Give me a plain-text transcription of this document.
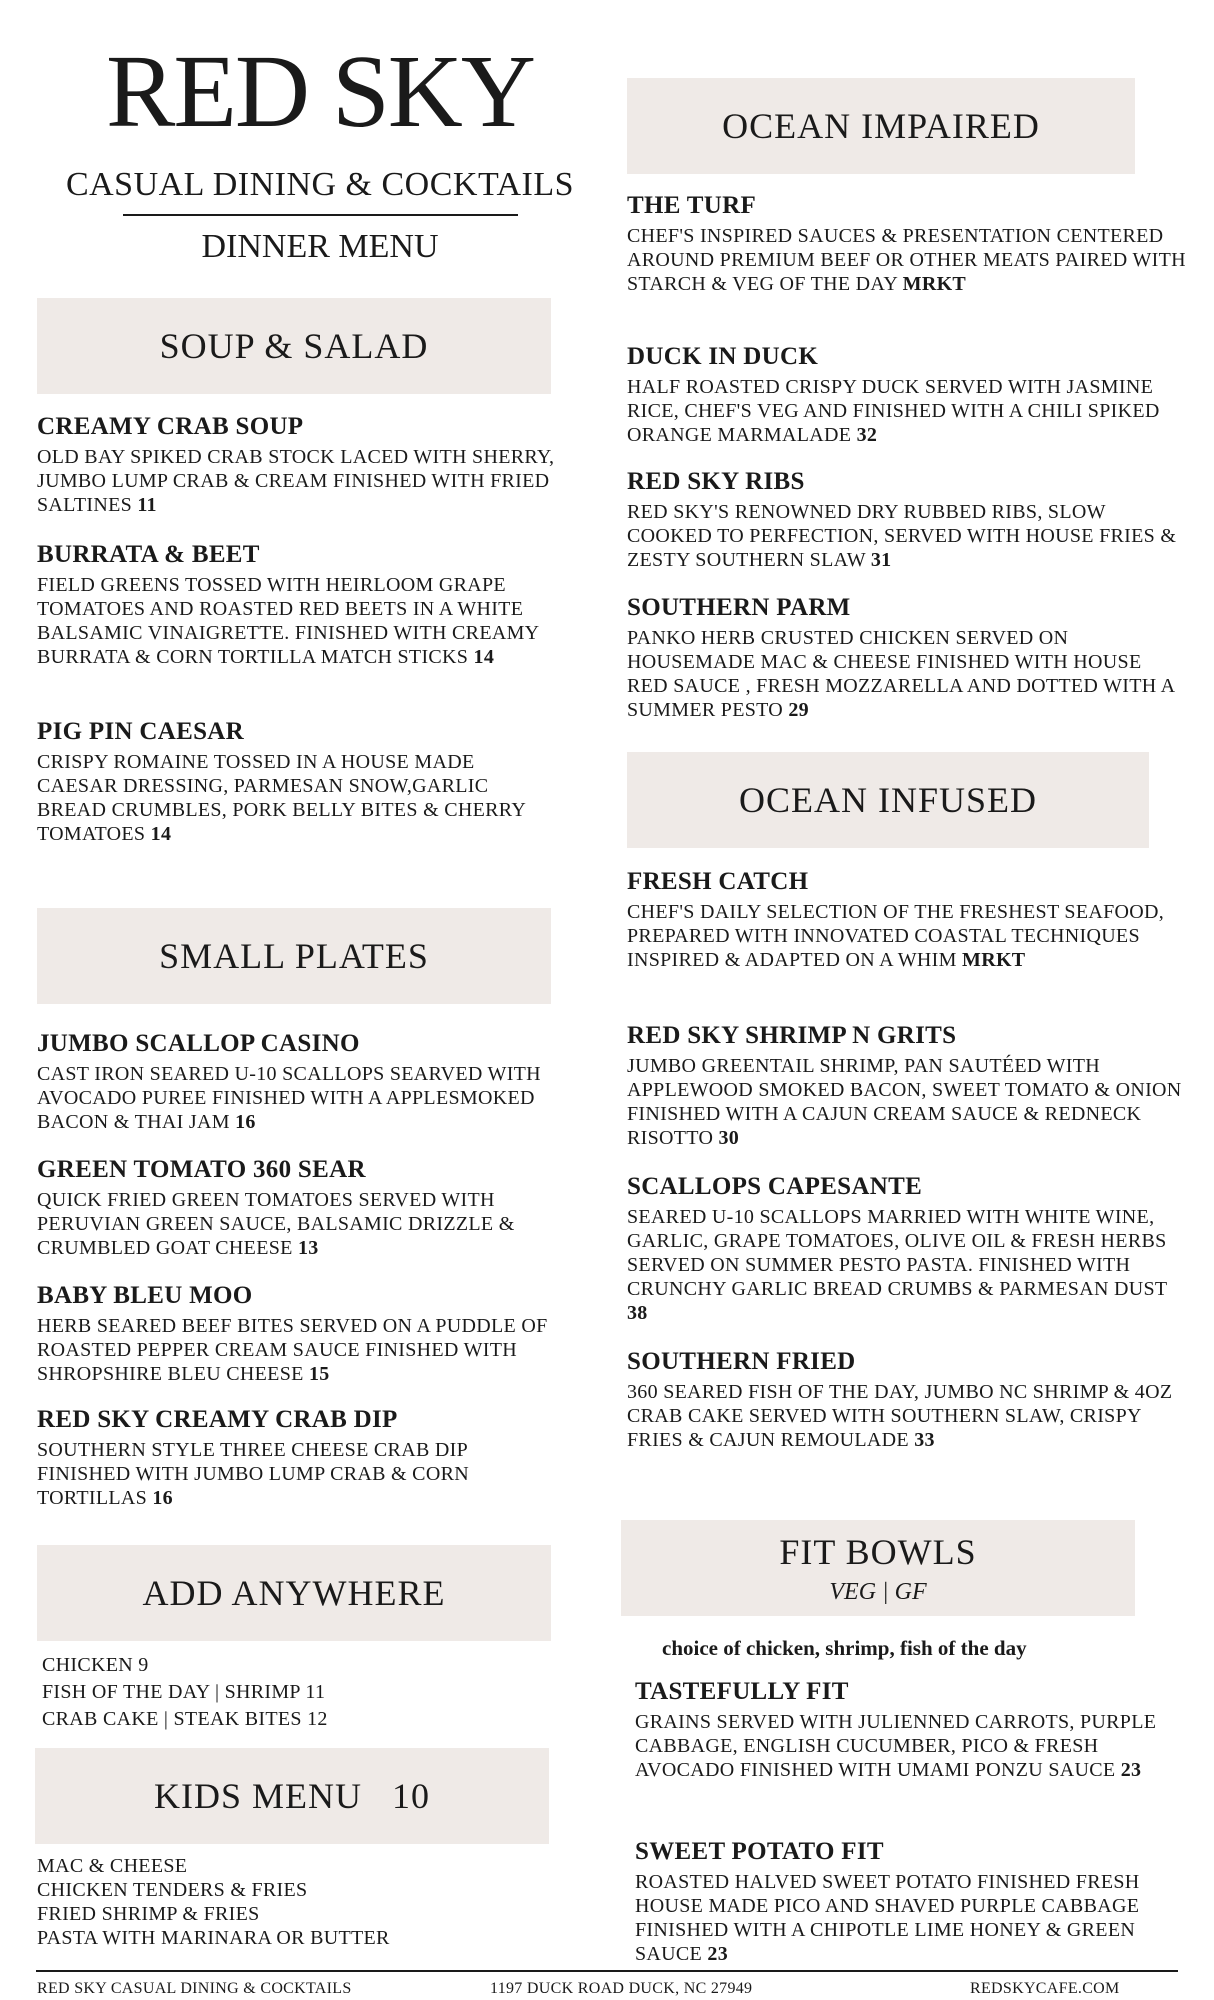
RED SKY
CASUAL DINING & COCKTAILS
DINNER MENU
SOUP & SALAD
CREAMY CRAB SOUP
OLD BAY SPIKED CRAB STOCK LACED WITH SHERRY, JUMBO LUMP CRAB & CREAM FINISHED WITH FRIED SALTINES 11
BURRATA & BEET
FIELD GREENS TOSSED WITH HEIRLOOM GRAPE TOMATOES AND ROASTED RED BEETS IN A WHITE BALSAMIC VINAIGRETTE. FINISHED WITH CREAMY BURRATA & CORN TORTILLA MATCH STICKS 14
PIG PIN CAESAR
CRISPY ROMAINE TOSSED IN A HOUSE MADE CAESAR DRESSING, PARMESAN SNOW,GARLIC BREAD CRUMBLES, PORK BELLY BITES & CHERRY TOMATOES 14
SMALL PLATES
JUMBO SCALLOP CASINO
CAST IRON SEARED U-10 SCALLOPS SEARVED WITH AVOCADO PUREE FINISHED WITH A APPLESMOKED BACON & THAI JAM 16
GREEN TOMATO 360 SEAR
QUICK FRIED GREEN TOMATOES SERVED WITH PERUVIAN GREEN SAUCE, BALSAMIC DRIZZLE & CRUMBLED GOAT CHEESE 13
BABY BLEU MOO
HERB SEARED BEEF BITES SERVED ON A PUDDLE OF ROASTED PEPPER CREAM SAUCE FINISHED WITH SHROPSHIRE BLEU CHEESE 15
RED SKY CREAMY CRAB DIP
SOUTHERN STYLE THREE CHEESE CRAB DIP FINISHED WITH JUMBO LUMP CRAB & CORN TORTILLAS 16
ADD ANYWHERE
CHICKEN 9
FISH OF THE DAY | SHRIMP 11
CRAB CAKE | STEAK BITES 12
KIDS MENU   10
MAC & CHEESE
CHICKEN TENDERS & FRIES
FRIED SHRIMP & FRIES
PASTA WITH MARINARA OR BUTTER
OCEAN IMPAIRED
THE TURF
CHEF'S INSPIRED SAUCES & PRESENTATION CENTERED AROUND PREMIUM BEEF OR OTHER MEATS PAIRED WITH STARCH & VEG OF THE DAY MRKT
DUCK IN DUCK
HALF ROASTED CRISPY DUCK SERVED WITH JASMINE RICE, CHEF'S VEG AND FINISHED WITH A CHILI SPIKED ORANGE MARMALADE 32
RED SKY RIBS
RED SKY'S RENOWNED DRY RUBBED RIBS, SLOW COOKED TO PERFECTION, SERVED WITH HOUSE FRIES & ZESTY SOUTHERN SLAW 31
SOUTHERN PARM
PANKO HERB CRUSTED CHICKEN SERVED ON HOUSEMADE MAC & CHEESE FINISHED WITH HOUSE RED SAUCE , FRESH MOZZARELLA AND DOTTED WITH A SUMMER PESTO 29
OCEAN INFUSED
FRESH CATCH
CHEF'S DAILY SELECTION OF THE FRESHEST SEAFOOD, PREPARED WITH INNOVATED COASTAL TECHNIQUES INSPIRED & ADAPTED ON A WHIM MRKT
RED SKY SHRIMP N GRITS
JUMBO GREENTAIL SHRIMP, PAN SAUTÉED WITH APPLEWOOD SMOKED BACON, SWEET TOMATO & ONION FINISHED WITH A CAJUN CREAM SAUCE & REDNECK RISOTTO 30
SCALLOPS CAPESANTE
SEARED U-10 SCALLOPS MARRIED WITH WHITE WINE, GARLIC, GRAPE TOMATOES, OLIVE OIL & FRESH HERBS SERVED ON SUMMER PESTO PASTA. FINISHED WITH CRUNCHY GARLIC BREAD CRUMBS & PARMESAN DUST 38
SOUTHERN FRIED
360 SEARED FISH OF THE DAY, JUMBO NC SHRIMP & 4OZ CRAB CAKE SERVED WITH SOUTHERN SLAW, CRISPY FRIES & CAJUN REMOULADE 33
FIT BOWLS
VEG | GF
choice of chicken, shrimp, fish of the day
TASTEFULLY FIT
GRAINS SERVED WITH JULIENNED CARROTS, PURPLE CABBAGE, ENGLISH CUCUMBER, PICO & FRESH AVOCADO FINISHED WITH UMAMI PONZU SAUCE 23
SWEET POTATO FIT
ROASTED HALVED SWEET POTATO FINISHED FRESH HOUSE MADE PICO AND SHAVED PURPLE CABBAGE FINISHED WITH A CHIPOTLE LIME HONEY & GREEN SAUCE 23
RED SKY CASUAL DINING & COCKTAILS	1197 DUCK ROAD DUCK, NC 27949	REDSKYCAFE.COM
